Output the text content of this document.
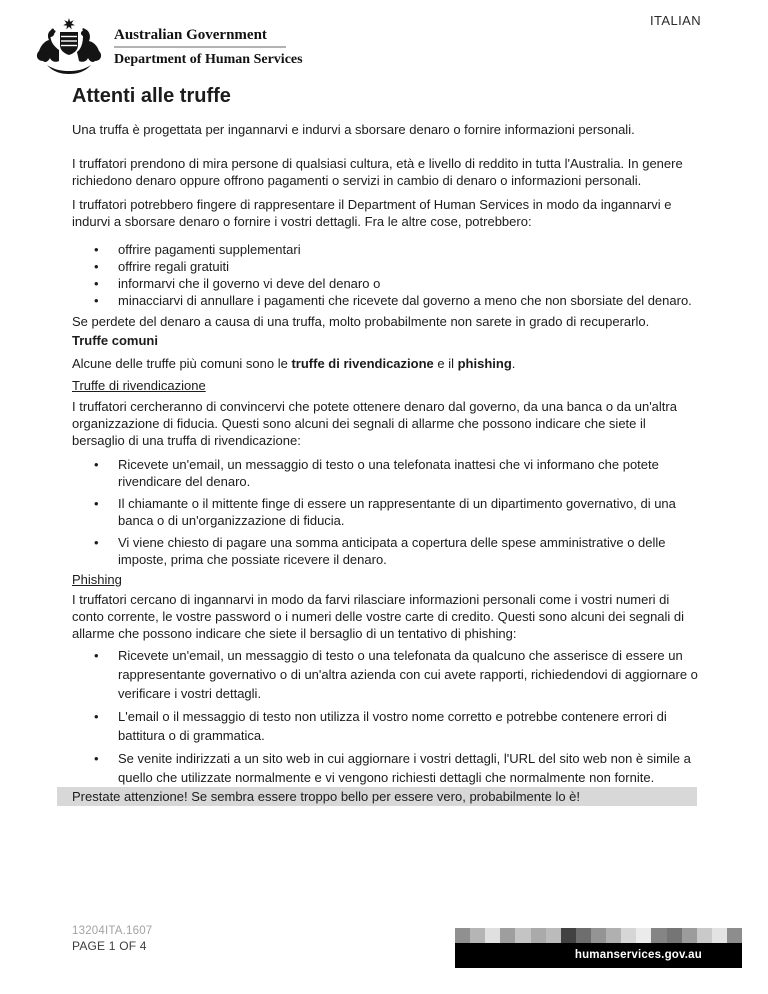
ITALIAN
Australian Government
Department of Human Services
Attenti alle truffe

Una truffa è progettata per ingannarvi e indurvi a sborsare denaro o fornire informazioni personali.

I truffatori prendono di mira persone di qualsiasi cultura, età e livello di reddito in tutta l'Australia. In genere richiedono denaro oppure offrono pagamenti o servizi in cambio di denaro o informazioni personali.

I truffatori potrebbero fingere di rappresentare il Department of Human Services in modo da ingannarvi e indurvi a sborsare denaro o fornire i vostri dettagli. Fra le altre cose, potrebbero:

• offrire pagamenti supplementari
• offrire regali gratuiti
• informarvi che il governo vi deve del denaro o
• minacciarvi di annullare i pagamenti che ricevete dal governo a meno che non sborsiate del denaro.

Se perdete del denaro a causa di una truffa, molto probabilmente non sarete in grado di recuperarlo.

Truffe comuni

Alcune delle truffe più comuni sono le truffe di rivendicazione e il phishing.

Truffe di rivendicazione

I truffatori cercheranno di convincervi che potete ottenere denaro dal governo, da una banca o da un'altra organizzazione di fiducia. Questi sono alcuni dei segnali di allarme che possono indicare che siete il bersaglio di una truffa di rivendicazione:

• Ricevete un'email, un messaggio di testo o una telefonata inattesi che vi informano che potete rivendicare del denaro.
• Il chiamante o il mittente finge di essere un rappresentante di un dipartimento governativo, di una banca o di un'organizzazione di fiducia.
• Vi viene chiesto di pagare una somma anticipata a copertura delle spese amministrative o delle imposte, prima che possiate ricevere il denaro.

Phishing

I truffatori cercano di ingannarvi in modo da farvi rilasciare informazioni personali come i vostri numeri di conto corrente, le vostre password o i numeri delle vostre carte di credito. Questi sono alcuni dei segnali di allarme che possono indicare che siete il bersaglio di un tentativo di phishing:

• Ricevete un'email, un messaggio di testo o una telefonata da qualcuno che asserisce di essere un rappresentante governativo o di un'altra azienda con cui avete rapporti, richiedendovi di aggiornare o verificare i vostri dettagli.
• L'email o il messaggio di testo non utilizza il vostro nome corretto e potrebbe contenere errori di battitura o di grammatica.
• Se venite indirizzati a un sito web in cui aggiornare i vostri dettagli, l'URL del sito web non è simile a quello che utilizzate normalmente e vi vengono richiesti dettagli che normalmente non fornite.
Prestate attenzione! Se sembra essere troppo bello per essere vero, probabilmente lo è!
13204ITA.1607
PAGE 1 OF 4
humanservices.gov.au
